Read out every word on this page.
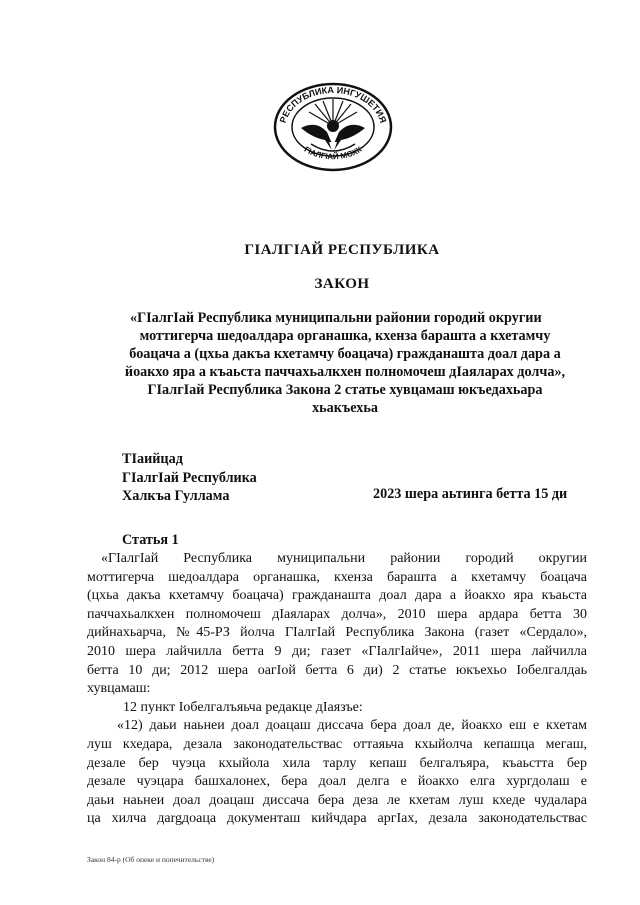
РЕСПУБЛИКА ИНГУШЕТИЯ
ГIАЛГIАЙ МОХК
ГIАЛГIАЙ РЕСПУБЛИКА
ЗАКОН
«ГIалгIай Республика муниципальни районии городий округии
моттигерча шедоалдара органашка, кхенза бараштa а кхетамчу
боацача а (цхьа дакъа кхетамчу боацача) гражданашта доал дара а
йоакхо яра а къаьста паччахьалкхен полномочеш дIаяларах долча»,
ГIалгIай Республика Закона 2 статье хувцамаш юкъедахьара
хьакъехьа
ТIаийцад
ГIалгIай Республика
Халкъа Гуллама	2023 шера аьтинга бетта 15 ди
Статья 1
«ГIалгIай Республика муниципальни районии городий округии
моттигерча шедоалдара органашка, кхенза бараштa а кхетамчу боацача
(цхьа дакъа кхетамчу боацача) гражданашта доал дара а йоакхо яра къаьста
паччахьалкхен полномочеш дIаяларах долча», 2010 шера ардара бетта 30
дийнахьарча, №45-РЗ йолча ГIалгIай Республика Закона (газет «Сердало»,
2010 шера лайчилла бетта 9 ди; газет «ГIалгIайче», 2011 шера лайчилла
бетта 10 ди; 2012 шера оагIой бетта 6 ди) 2 статье юкъехьо Iобелгалдаь
хувцамаш:
12 пункт Iобелгалъяьча редакце дIаязъе:
«12) даьи наьнеи доал доацаш диссача бера доал де, йоакхо еш е кхетам
луш кхедара, дезала законодательствас оттаяьча кхыйолча кепашца мегаш,
дезале бер чуэца кхыйола хила тарлу кепаш белгалъяра, къаьстта бер
дезале чуэцара башхалонех, бера доал делга е йоакхо елга хургдолаш е
даьи наьнеи доал доацаш диссача бера деза ле кхетам луш кхеде чудалара
ца хилча дargдоаца документаш кийчдара аргIах, дезала законодательствас
Закон 84-р (Об опеке и попечительстве)
